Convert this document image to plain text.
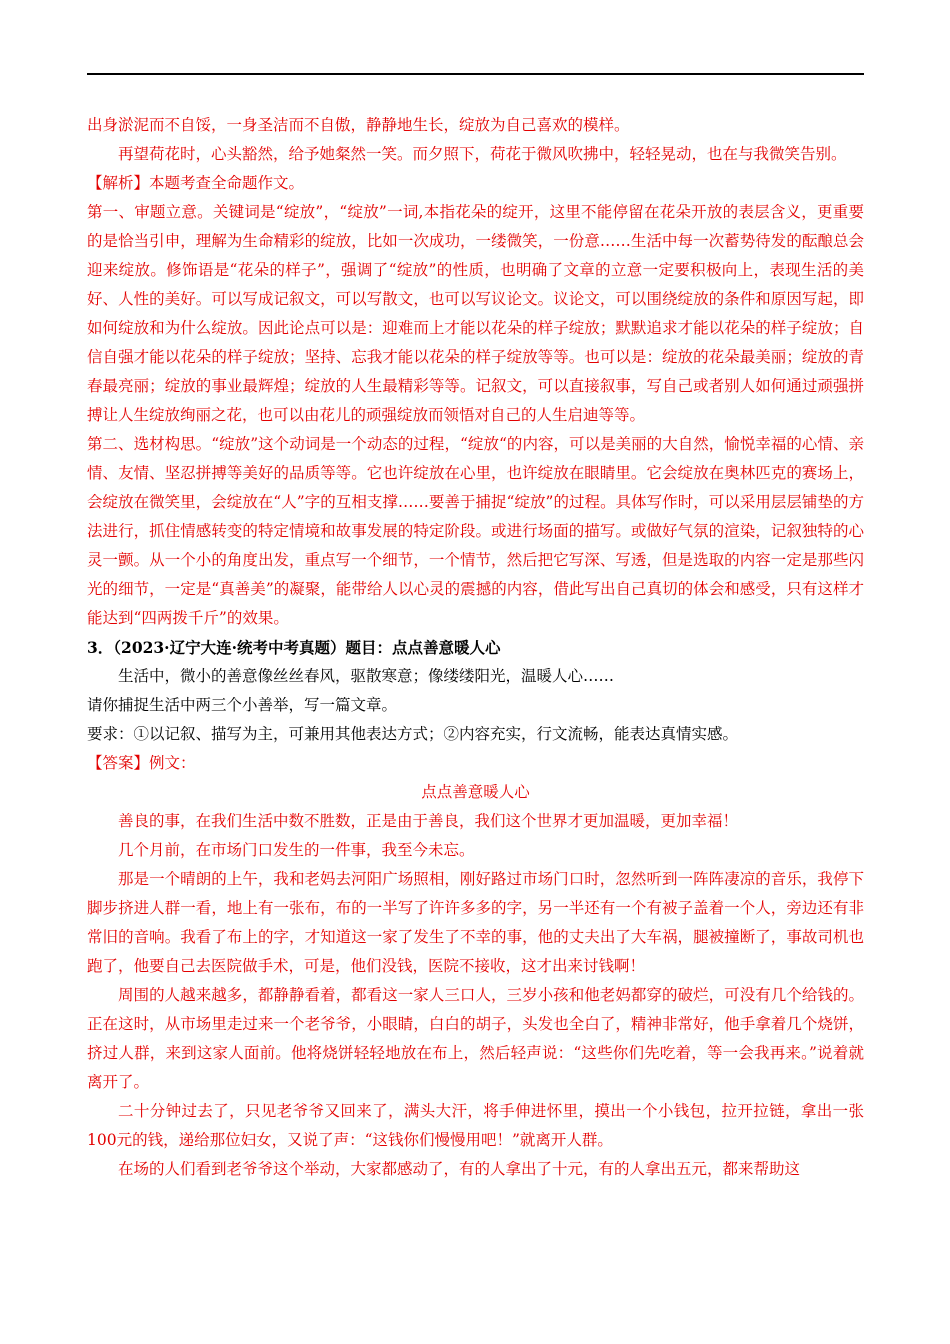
出身淤泥而不自馁，一身圣洁而不自傲，静静地生长，绽放为自己喜欢的模样。

再望荷花时，心头豁然，给予她粲然一笑。而夕照下，荷花于微风吹拂中，轻轻晃动，也在与我微笑告别。

【解析】本题考查全命题作文。

第一、审题立意。关键词是“绽放”，“绽放”一词,本指花朵的绽开，这里不能停留在花朵开放的表层含义，更重要的是恰当引申，理解为生命精彩的绽放，比如一次成功，一缕微笑，一份意……生活中每一次蓄势待发的酝酿总会迎来绽放。修饰语是“花朵的样子”，强调了“绽放”的性质，也明确了文章的立意一定要积极向上，表现生活的美好、人性的美好。可以写成记叙文，可以写散文，也可以写议论文。议论文，可以围绕绽放的条件和原因写起，即如何绽放和为什么绽放。因此论点可以是：迎难而上才能以花朵的样子绽放；默默追求才能以花朵的样子绽放；自信自强才能以花朵的样子绽放；坚持、忘我才能以花朵的样子绽放等等。也可以是：绽放的花朵最美丽；绽放的青春最亮丽；绽放的事业最辉煌；绽放的人生最精彩等等。记叙文，可以直接叙事，写自己或者别人如何通过顽强拼搏让人生绽放绚丽之花，也可以由花儿的顽强绽放而领悟对自己的人生启迪等等。

第二、选材构思。“绽放”这个动词是一个动态的过程，“绽放“的内容，可以是美丽的大自然，愉悦幸福的心情、亲情、友情、坚忍拼搏等美好的品质等等。它也许绽放在心里，也许绽放在眼睛里。它会绽放在奥林匹克的赛场上，会绽放在微笑里，会绽放在“人”字的互相支撑……要善于捕捉“绽放”的过程。具体写作时，可以采用层层铺垫的方法进行，抓住情感转变的特定情境和故事发展的特定阶段。或进行场面的描写。或做好气氛的渲染，记叙独特的心灵一颤。从一个小的角度出发，重点写一个细节，一个情节，然后把它写深、写透，但是选取的内容一定是那些闪光的细节，一定是“真善美”的凝聚，能带给人以心灵的震撼的内容，借此写出自己真切的体会和感受，只有这样才能达到“四两拨千斤”的效果。

3．（2023·辽宁大连·统考中考真题）题目：点点善意暖人心

生活中，微小的善意像丝丝春风，驱散寒意；像缕缕阳光，温暖人心……

请你捕捉生活中两三个小善举，写一篇文章。

要求：①以记叙、描写为主，可兼用其他表达方式；②内容充实，行文流畅，能表达真情实感。

【答案】例文：

点点善意暖人心

善良的事，在我们生活中数不胜数，正是由于善良，我们这个世界才更加温暖，更加幸福！

几个月前，在市场门口发生的一件事，我至今未忘。

那是一个晴朗的上午，我和老妈去河阳广场照相，刚好路过市场门口时，忽然听到一阵阵凄凉的音乐，我停下脚步挤进人群一看，地上有一张布，布的一半写了许许多多的字，另一半还有一个有被子盖着一个人，旁边还有非常旧的音响。我看了布上的字，才知道这一家了发生了不幸的事，他的丈夫出了大车祸，腿被撞断了，事故司机也跑了，他要自己去医院做手术，可是，他们没钱，医院不接收，这才出来讨钱啊！

周围的人越来越多，都静静看着，都看这一家人三口人，三岁小孩和他老妈都穿的破烂，可没有几个给钱的。正在这时，从市场里走过来一个老爷爷，小眼睛，白白的胡子，头发也全白了，精神非常好，他手拿着几个烧饼，挤过人群，来到这家人面前。他将烧饼轻轻地放在布上，然后轻声说：“这些你们先吃着，等一会我再来。”说着就离开了。

二十分钟过去了，只见老爷爷又回来了，满头大汗，将手伸进怀里，摸出一个小钱包，拉开拉链，拿出一张100元的钱，递给那位妇女，又说了声：“这钱你们慢慢用吧！”就离开人群。

在场的人们看到老爷爷这个举动，大家都感动了，有的人拿出了十元，有的人拿出五元，都来帮助这
